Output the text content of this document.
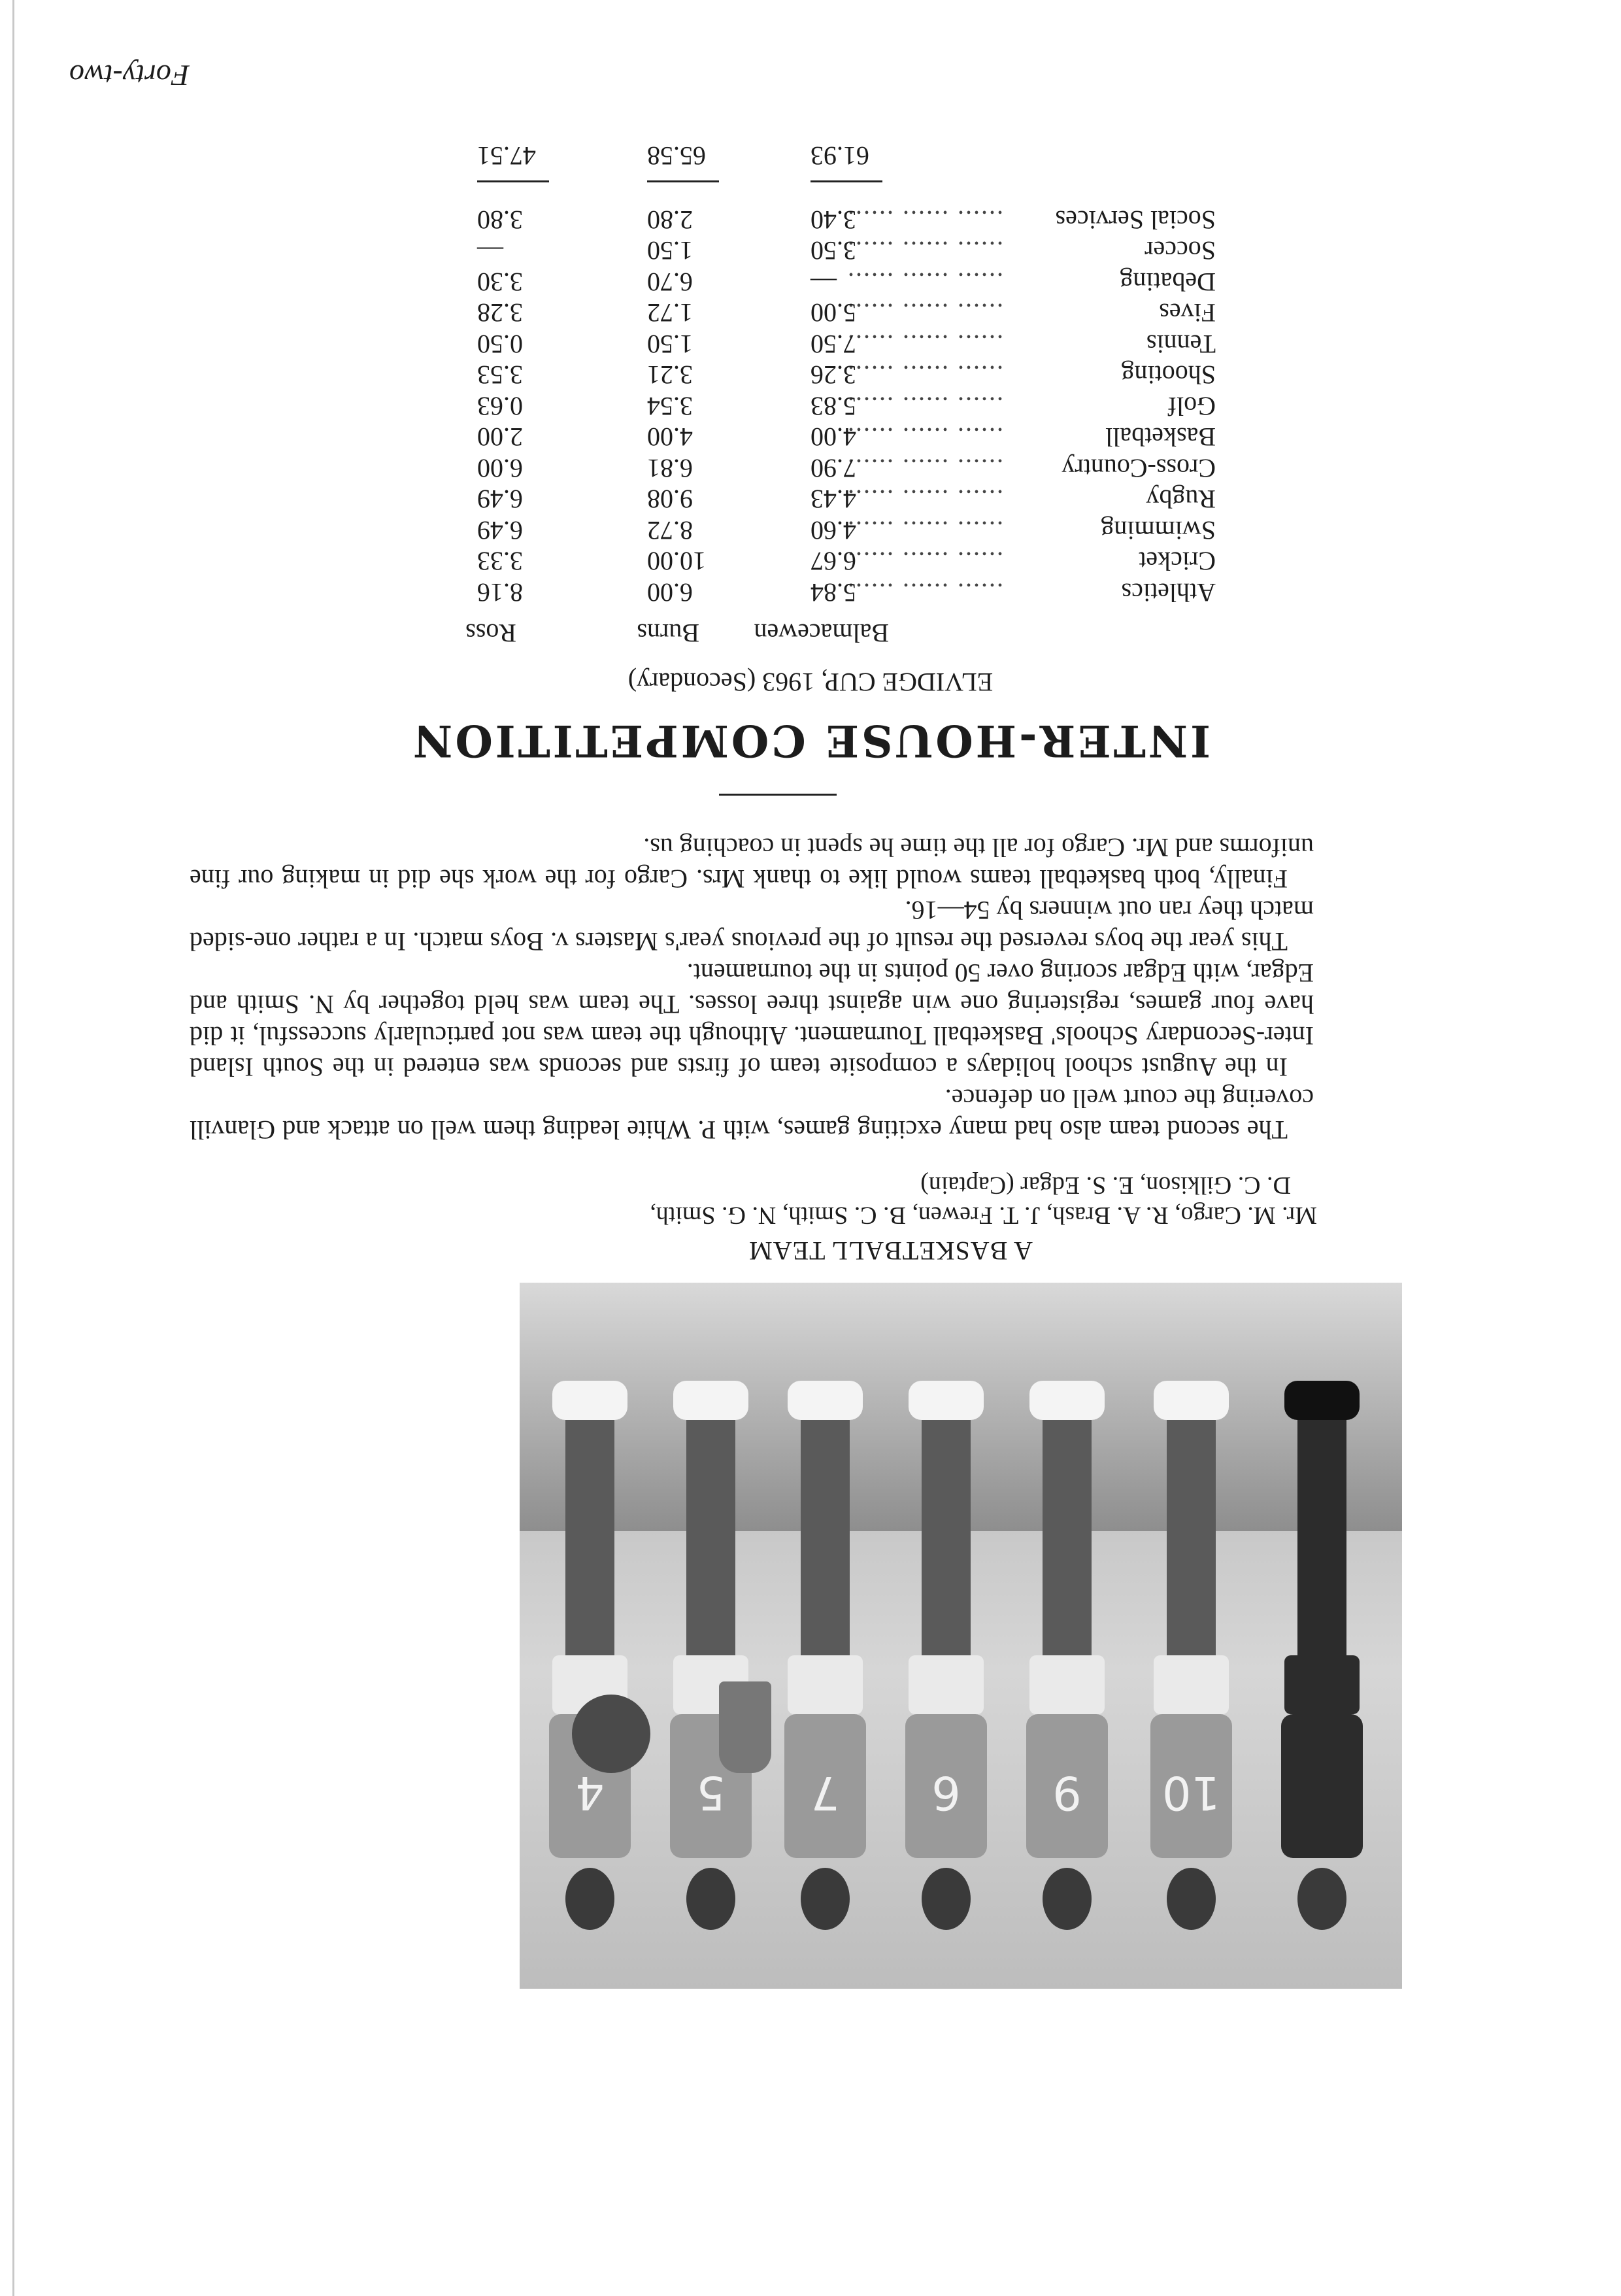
10
9
6
7
5
4
A BASKETBALL TEAM
Mr. M. Cargo, R. A. Brash, J. T. Frewen, B. C. Smith, N. G. Smith,
D. C. Gilkison, E. S. Edgar (Captain)

The second team also had many exciting games, with P. White leading them well on attack and Glanvill covering the court well on defence.

In the August school holidays a composite team of firsts and seconds was entered in the South Island Inter-Secondary Schools' Basketball Tournament. Although the team was not particularly successful, it did have four games, registering one win against three losses. The team was held together by N. Smith and Edgar, with Edgar scoring over 50 points in the tournament.

This year the boys reversed the result of the previous year's Masters v. Boys match. In a rather one-sided match they ran out winners by 54—16.

Finally, both basketball teams would like to thank Mrs. Cargo for the work she did in making our fine uniforms and Mr. Cargo for all the time he spent in coaching us.

INTER-HOUSE COMPETITION
ELVIDGE CUP, 1963 (Secondary)
Balmacewen
Burns
Ross
Athletics
...... ...... ......
5.84
6.00
8.16
Cricket
...... ...... ......
6.67
10.00
3.33
Swimming
...... ...... ......
4.60
8.72
6.49
Rugby
...... ...... ......
4.43
9.08
6.49
Cross-Country
...... ...... ......
7.90
6.81
6.00
Basketball
...... ...... ......
4.00
4.00
2.00
Golf
...... ...... ......
5.83
3.54
0.63
Shooting
...... ...... ......
3.26
3.21
3.53
Tennis
...... ...... ......
7.50
1.50
0.50
Fives
...... ...... ......
5.00
1.72
3.28
Debating
...... ...... ......
—
6.70
3.30
Soccer
...... ...... ......
3.50
1.50
—
Social Services
...... ...... ......
3.40
2.80
3.80
61.93
65.58
47.51
Forty-two
